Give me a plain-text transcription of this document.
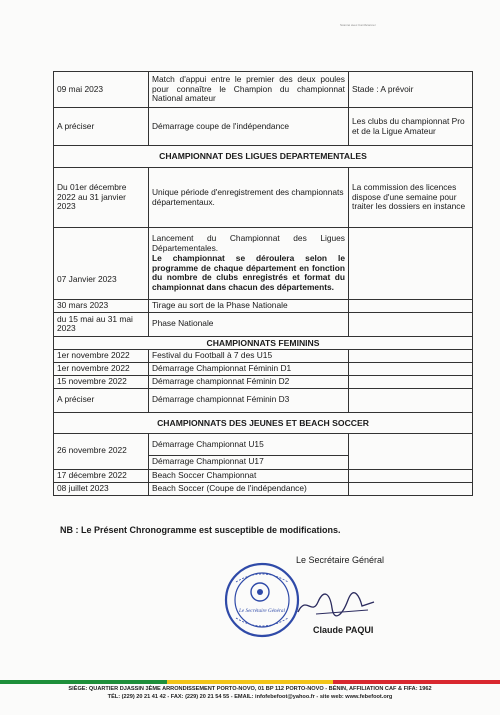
Scanné avec CamScanner
09 mai 2023	Match d'appui entre le premier des deux poules pour connaître le Champion du championnat National amateur	Stade : A prévoir
A préciser	Démarrage coupe de l'indépendance	Les clubs du championnat Pro et de la Ligue Amateur
CHAMPIONNAT DES LIGUES DEPARTEMENTALES		
Du 01er décembre 2022 au 31 janvier 2023	Unique période d'enregistrement des championnats départementaux.	La commission des licences dispose d'une semaine pour traiter les dossiers en instance
07 Janvier 2023	Lancement du Championnat des Ligues Départementales.
Le championnat se déroulera selon le programme de chaque département en fonction du nombre de clubs enregistrés et format du championnat dans chacun des départements.	
30 mars 2023	Tirage au sort de la Phase Nationale	
du 15 mai au 31 mai 2023	Phase Nationale	
CHAMPIONNATS FEMININS		
1er novembre 2022	Festival du Football à 7 des U15	
1er novembre 2022	Démarrage Championnat Féminin D1	
15 novembre 2022	Démarrage championnat Féminin D2	
A préciser	Démarrage championnat Féminin D3	
CHAMPIONNATS DES JEUNES ET BEACH SOCCER		
26 novembre 2022	Démarrage Championnat U15
Démarrage Championnat U17	

17 décembre 2022	Beach Soccer Championnat	
08 juillet 2023	Beach Soccer (Coupe de l'indépendance)	
NB : Le Présent Chronogramme est susceptible de modifications.
Le Secrétaire Général
Le Secrétaire Général
Claude PAQUI
SIÈGE: QUARTIER DJASSIN 3ÈME ARRONDISSEMENT PORTO-NOVO, 01 BP 112 PORTO-NOVO - BÉNIN, AFFILIATION CAF & FIFA: 1962
TÉL: (229) 20 21 41 42 - FAX: (229) 20 21 54 55 - EMAIL: infofebefoot@yahoo.fr - site web: www.febefoot.org
